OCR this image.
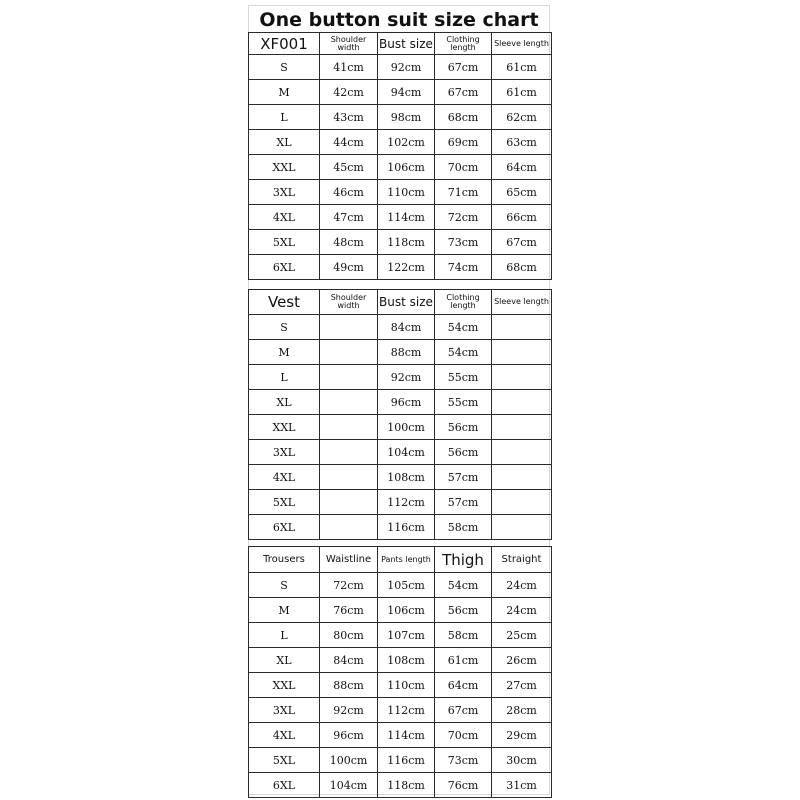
One button suit size chart
XF001	Shoulder width	Bust size	Clothing length	Sleeve length
S	41cm	92cm	67cm	61cm
M	42cm	94cm	67cm	61cm
L	43cm	98cm	68cm	62cm
XL	44cm	102cm	69cm	63cm
XXL	45cm	106cm	70cm	64cm
3XL	46cm	110cm	71cm	65cm
4XL	47cm	114cm	72cm	66cm
5XL	48cm	118cm	73cm	67cm
6XL	49cm	122cm	74cm	68cm
Vest	Shoulder width	Bust size	Clothing length	Sleeve length
S		84cm	54cm	
M		88cm	54cm	
L		92cm	55cm	
XL		96cm	55cm	
XXL		100cm	56cm	
3XL		104cm	56cm	
4XL		108cm	57cm	
5XL		112cm	57cm	
6XL		116cm	58cm	
Trousers	Waistline	Pants length	Thigh	Straight
S	72cm	105cm	54cm	24cm
M	76cm	106cm	56cm	24cm
L	80cm	107cm	58cm	25cm
XL	84cm	108cm	61cm	26cm
XXL	88cm	110cm	64cm	27cm
3XL	92cm	112cm	67cm	28cm
4XL	96cm	114cm	70cm	29cm
5XL	100cm	116cm	73cm	30cm
6XL	104cm	118cm	76cm	31cm
